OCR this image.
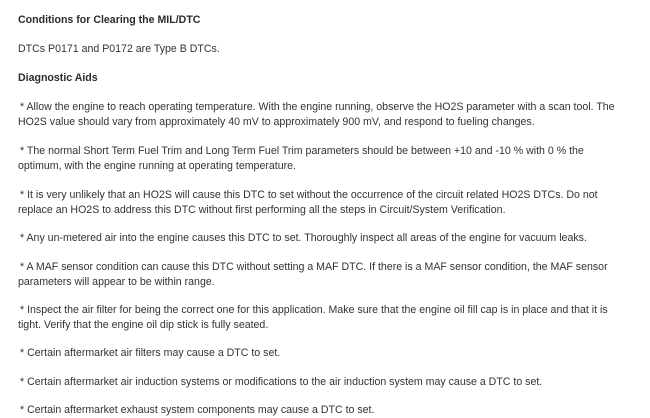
Conditions for Clearing the MIL/DTC
DTCs P0171 and P0172 are Type B DTCs.
Diagnostic Aids
* Allow the engine to reach operating temperature. With the engine running, observe the HO2S parameter with a scan tool. The
HO2S value should vary from approximately 40 mV to approximately 900 mV, and respond to fueling changes.
* The normal Short Term Fuel Trim and Long Term Fuel Trim parameters should be between +10 and -10 % with 0 % the
optimum, with the engine running at operating temperature.
* It is very unlikely that an HO2S will cause this DTC to set without the occurrence of the circuit related HO2S DTCs. Do not
replace an HO2S to address this DTC without first performing all the steps in Circuit/System Verification.
* Any un-metered air into the engine causes this DTC to set. Thoroughly inspect all areas of the engine for vacuum leaks.
* A MAF sensor condition can cause this DTC without setting a MAF DTC. If there is a MAF sensor condition, the MAF sensor
parameters will appear to be within range.
* Inspect the air filter for being the correct one for this application. Make sure that the engine oil fill cap is in place and that it is
tight. Verify that the engine oil dip stick is fully seated.
* Certain aftermarket air filters may cause a DTC to set.
* Certain aftermarket air induction systems or modifications to the air induction system may cause a DTC to set.
* Certain aftermarket exhaust system components may cause a DTC to set.
